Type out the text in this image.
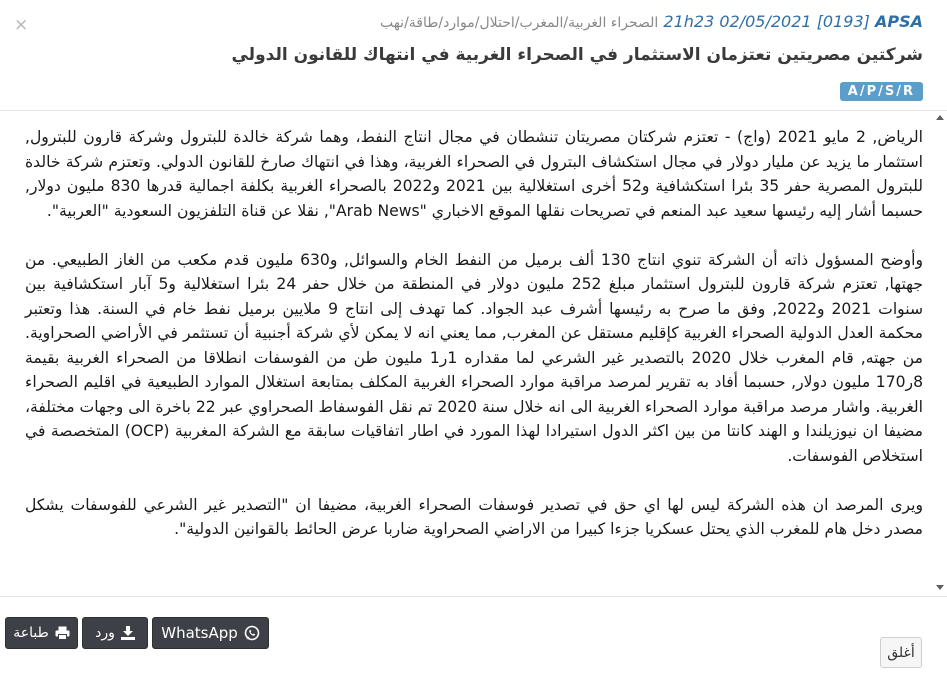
×	21h23 02/05/2021 [0193] APSA الصحراء الغربية/المغرب/احتلال/موارد/طاقة/نهب
شركتين مصريتين تعتزمان الاستثمار في الصحراء الغربية في انتهاك للقانون الدولي
A/P/S/R

الرياض, 2 مايو 2021 (واج) - تعتزم شركتان مصريتان تنشطان في مجال انتاج النفط، وهما شركة خالدة للبترول وشركة قارون للبترول, استثمار ما يزيد عن مليار دولار في مجال استكشاف البترول في الصحراء الغربية، وهذا في انتهاك صارخ للقانون الدولي. وتعتزم شركة خالدة للبترول المصرية حفر 35 بئرا استكشافية و52 أخرى استغلالية بين 2021 و2022 بالصحراء الغربية بكلفة اجمالية قدرها 830 مليون دولار, حسبما أشار إليه رئيسها سعيد عبد المنعم في تصريحات نقلها الموقع الاخباري "Arab News", نقلا عن قناة التلفزيون السعودية "العربية".

وأوضح المسؤول ذاته أن الشركة تنوي انتاج 130 ألف برميل من النفط الخام والسوائل, و630 مليون قدم مكعب من الغاز الطبيعي. من جهتها, تعتزم شركة قارون للبترول استثمار مبلغ 252 مليون دولار في المنطقة من خلال حفر 24 بئرا استغلالية و5 آبار استكشافية بين سنوات 2021 و2022, وفق ما صرح به رئيسها أشرف عبد الجواد. كما تهدف إلى انتاج 9 ملايين برميل نفط خام في السنة. هذا وتعتبر محكمة العدل الدولية الصحراء الغربية كإقليم مستقل عن المغرب, مما يعني انه لا يمكن لأي شركة أجنبية أن تستثمر في الأراضي الصحراوية. من جهته, قام المغرب خلال 2020 بالتصدير غير الشرعي لما مقداره 1ر1 مليون طن من الفوسفات انطلاقا من الصحراء الغربية بقيمة 8ر170 مليون دولار, حسبما أفاد به تقرير لمرصد مراقبة موارد الصحراء الغربية المكلف بمتابعة استغلال الموارد الطبيعية في اقليم الصحراء الغربية. واشار مرصد مراقبة موارد الصحراء الغربية الى انه خلال سنة 2020 تم نقل الفوسفاط الصحراوي عبر 22 باخرة الى وجهات مختلفة، مضيفا ان نيوزيلندا و الهند كانتا من بين اكثر الدول استيرادا لهذا المورد في اطار اتفاقيات سابقة مع الشركة المغربية (OCP) المتخصصة في استخلاص الفوسفات.

ويرى المرصد ان هذه الشركة ليس لها اي حق في تصدير فوسفات الصحراء الغربية، مضيفا ان "التصدير غير الشرعي للفوسفات يشكل مصدر دخل هام للمغرب الذي يحتل عسكريا جزءا كبيرا من الاراضي الصحراوية ضاربا عرض الحائط بالقوانين الدولية".

طباعة	ورد	WhatsApp
أغلق
